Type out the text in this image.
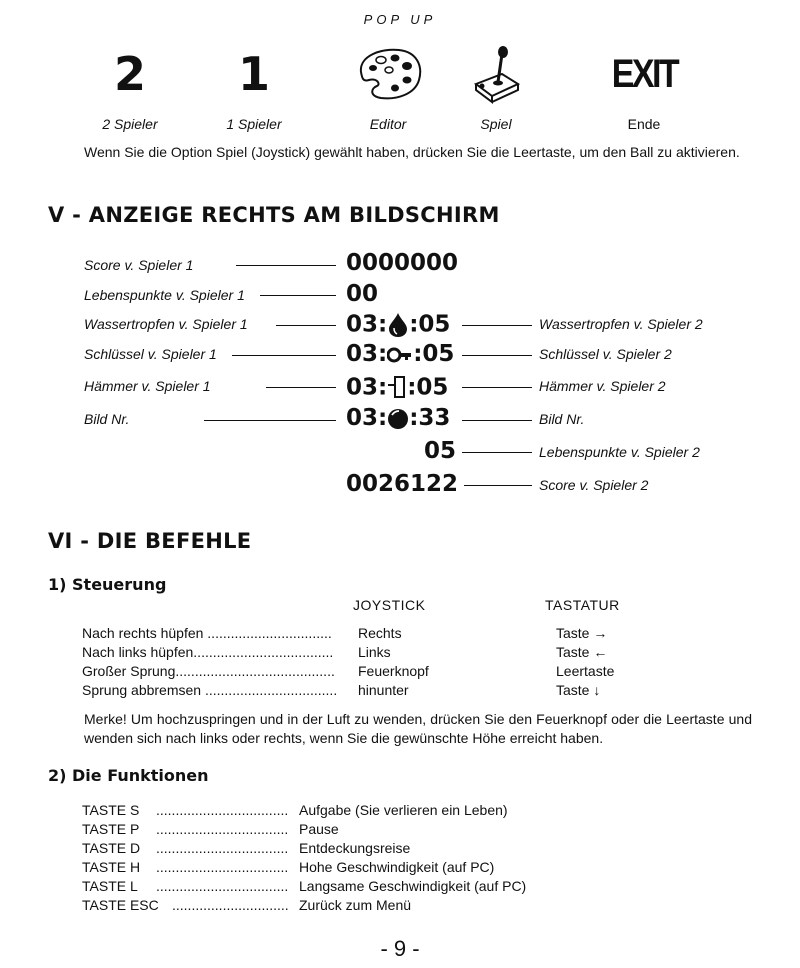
POP UP
2
2 Spieler
1
1 Spieler	Editor	Spiel
EXIT
Ende
Wenn Sie die Option Spiel (Joystick) gewählt haben, drücken Sie die Leertaste, um den Ball zu aktivieren.
V - ANZEIGE RECHTS AM BILDSCHIRM
Score v. Spieler 1	0000000
Lebenspunkte v. Spieler 1	00
Wassertropfen v. Spieler 1	03: :05	Wassertropfen v. Spieler 2
Schlüssel v. Spieler 1	03: :05	Schlüssel v. Spieler 2
Hämmer v. Spieler 1	03: :05	Hämmer v. Spieler 2
Bild Nr.	03: :33	Bild Nr.
05	Lebenspunkte v. Spieler 2
0026122	Score v. Spieler 2
VI - DIE BEFEHLE
1) Steuerung
JOYSTICK	TASTATUR
Nach rechts hüpfen ................................ Rechts	Taste →
Nach links hüpfen.................................... Links	Taste ←
Großer Sprung......................................... Feuerknopf	Leertaste
Sprung abbremsen .................................. hinunter	Taste ↓
Merke! Um hochzuspringen und in der Luft zu wenden, drücken Sie den Feuerknopf oder die Leertaste und wenden sich nach links oder rechts, wenn Sie die gewünschte Höhe erreicht haben.
2) Die Funktionen
TASTE S .................................. Aufgabe (Sie verlieren ein Leben)
TASTE P .................................. Pause
TASTE D .................................. Entdeckungsreise
TASTE H .................................. Hohe Geschwindigkeit (auf PC)
TASTE L .................................. Langsame Geschwindigkeit (auf PC)
TASTE ESC .............................. Zurück zum Menü
- 9 -
